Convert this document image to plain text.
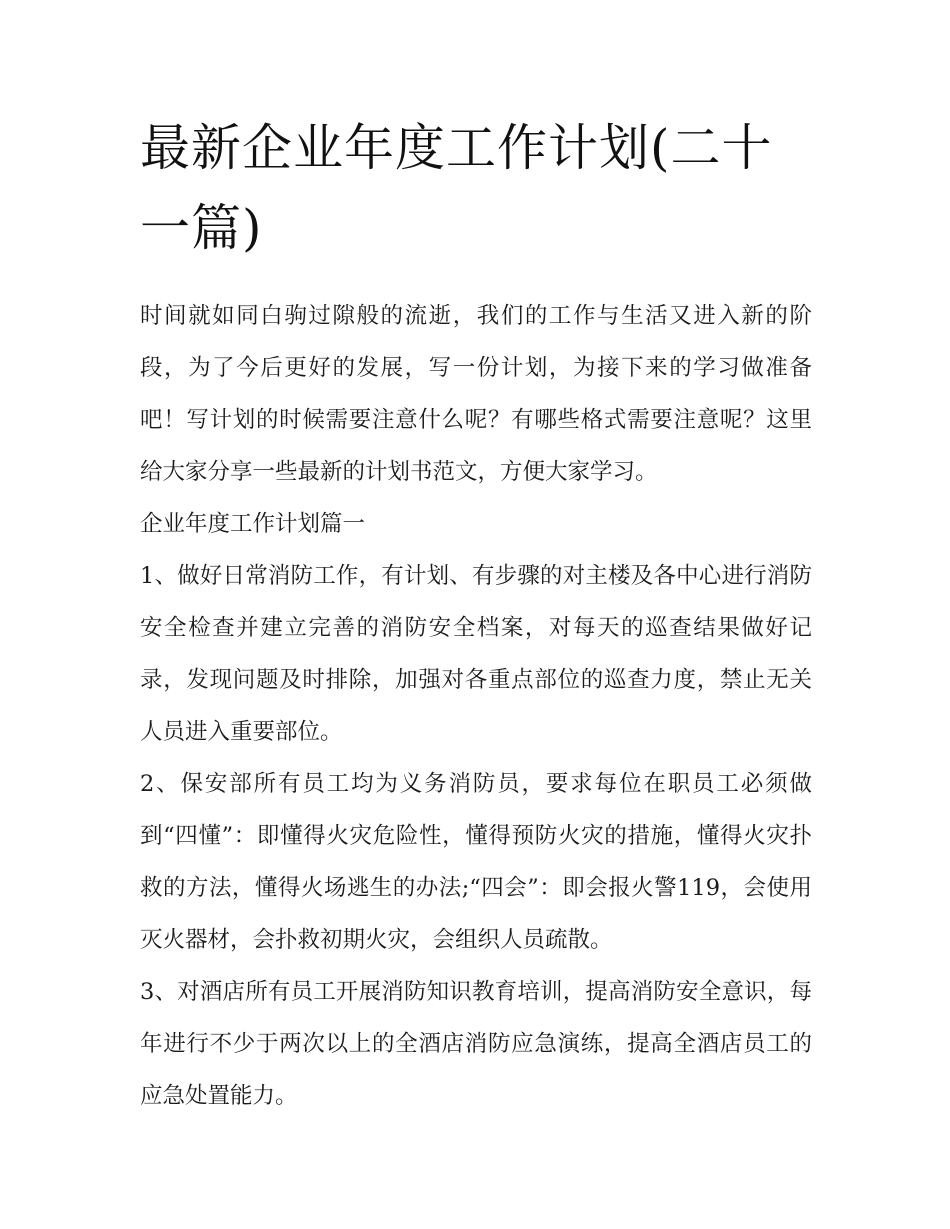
最新企业年度工作计划(二十一篇)

时间就如同白驹过隙般的流逝，我们的工作与生活又进入新的阶段，为了今后更好的发展，写一份计划，为接下来的学习做准备吧！写计划的时候需要注意什么呢？有哪些格式需要注意呢？这里给大家分享一些最新的计划书范文，方便大家学习。

企业年度工作计划篇一

1、做好日常消防工作，有计划、有步骤的对主楼及各中心进行消防安全检查并建立完善的消防安全档案，对每天的巡查结果做好记录，发现问题及时排除，加强对各重点部位的巡查力度，禁止无关人员进入重要部位。

2、保安部所有员工均为义务消防员，要求每位在职员工必须做到“四懂”：即懂得火灾危险性，懂得预防火灾的措施，懂得火灾扑救的方法，懂得火场逃生的办法;“四会”：即会报火警119，会使用灭火器材，会扑救初期火灾，会组织人员疏散。

3、对酒店所有员工开展消防知识教育培训，提高消防安全意识，每年进行不少于两次以上的全酒店消防应急演练，提高全酒店员工的应急处置能力。
